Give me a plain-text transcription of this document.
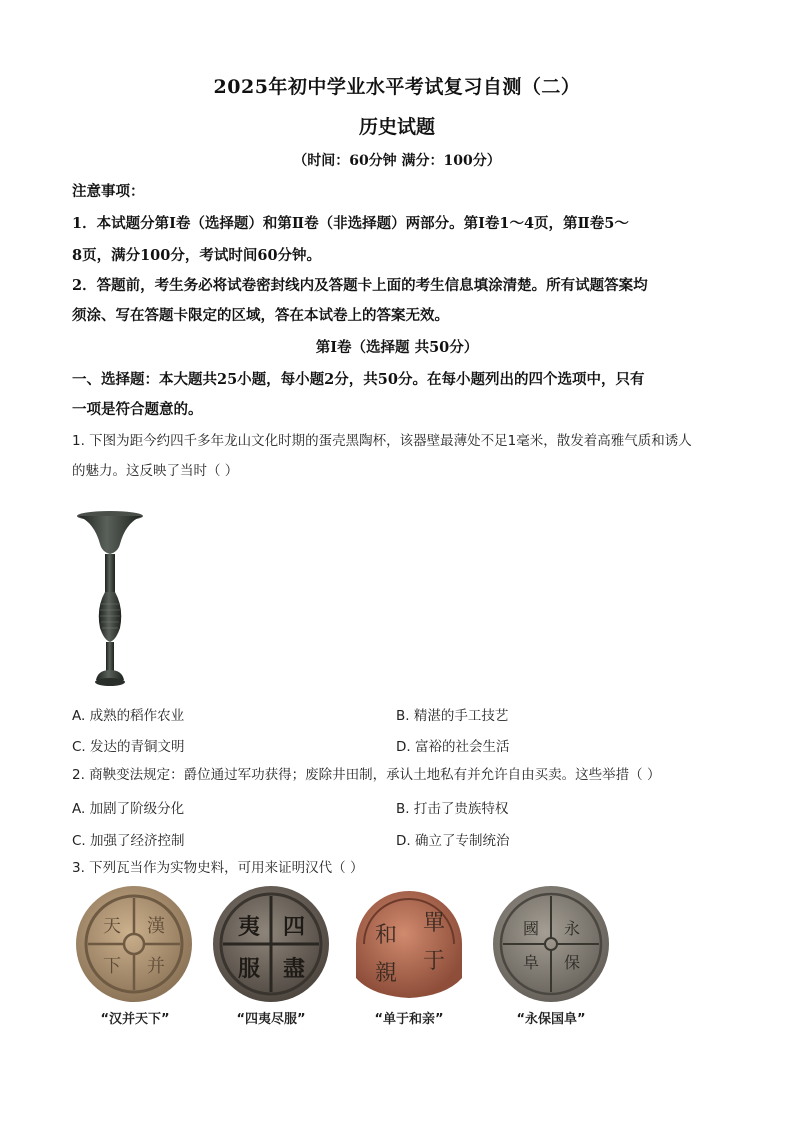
2025年初中学业水平考试复习自测（二）
历史试题
（时间：60分钟 满分：100分）
注意事项：
1．本试题分第Ⅰ卷（选择题）和第Ⅱ卷（非选择题）两部分。第Ⅰ卷1～4页，第Ⅱ卷5～
8页，满分100分，考试时间60分钟。
2．答题前，考生务必将试卷密封线内及答题卡上面的考生信息填涂清楚。所有试题答案均
须涂、写在答题卡限定的区域，答在本试卷上的答案无效。
第Ⅰ卷（选择题 共50分）
一、选择题：本大题共25小题，每小题2分，共50分。在每小题列出的四个选项中，只有
一项是符合题意的。
1. 下图为距今约四千多年龙山文化时期的蛋壳黑陶杯，该器壁最薄处不足1毫米，散发着高雅气质和诱人
的魅力。这反映了当时（ ）
A. 成熟的稻作农业	B. 精湛的手工技艺
C. 发达的青铜文明	D. 富裕的社会生活
2. 商鞅变法规定：爵位通过军功获得；废除井田制，承认土地私有并允许自由买卖。这些举措（ ）
A. 加剧了阶级分化	B. 打击了贵族特权
C. 加强了经济控制	D. 确立了专制统治
3. 下列瓦当作为实物史料，可用来证明汉代（ ）
天 漢
下 并
夷 四
服 盡
單
和
于
親
國 永
阜 保
“汉并天下”	“四夷尽服”	“单于和亲”	“永保国阜”
